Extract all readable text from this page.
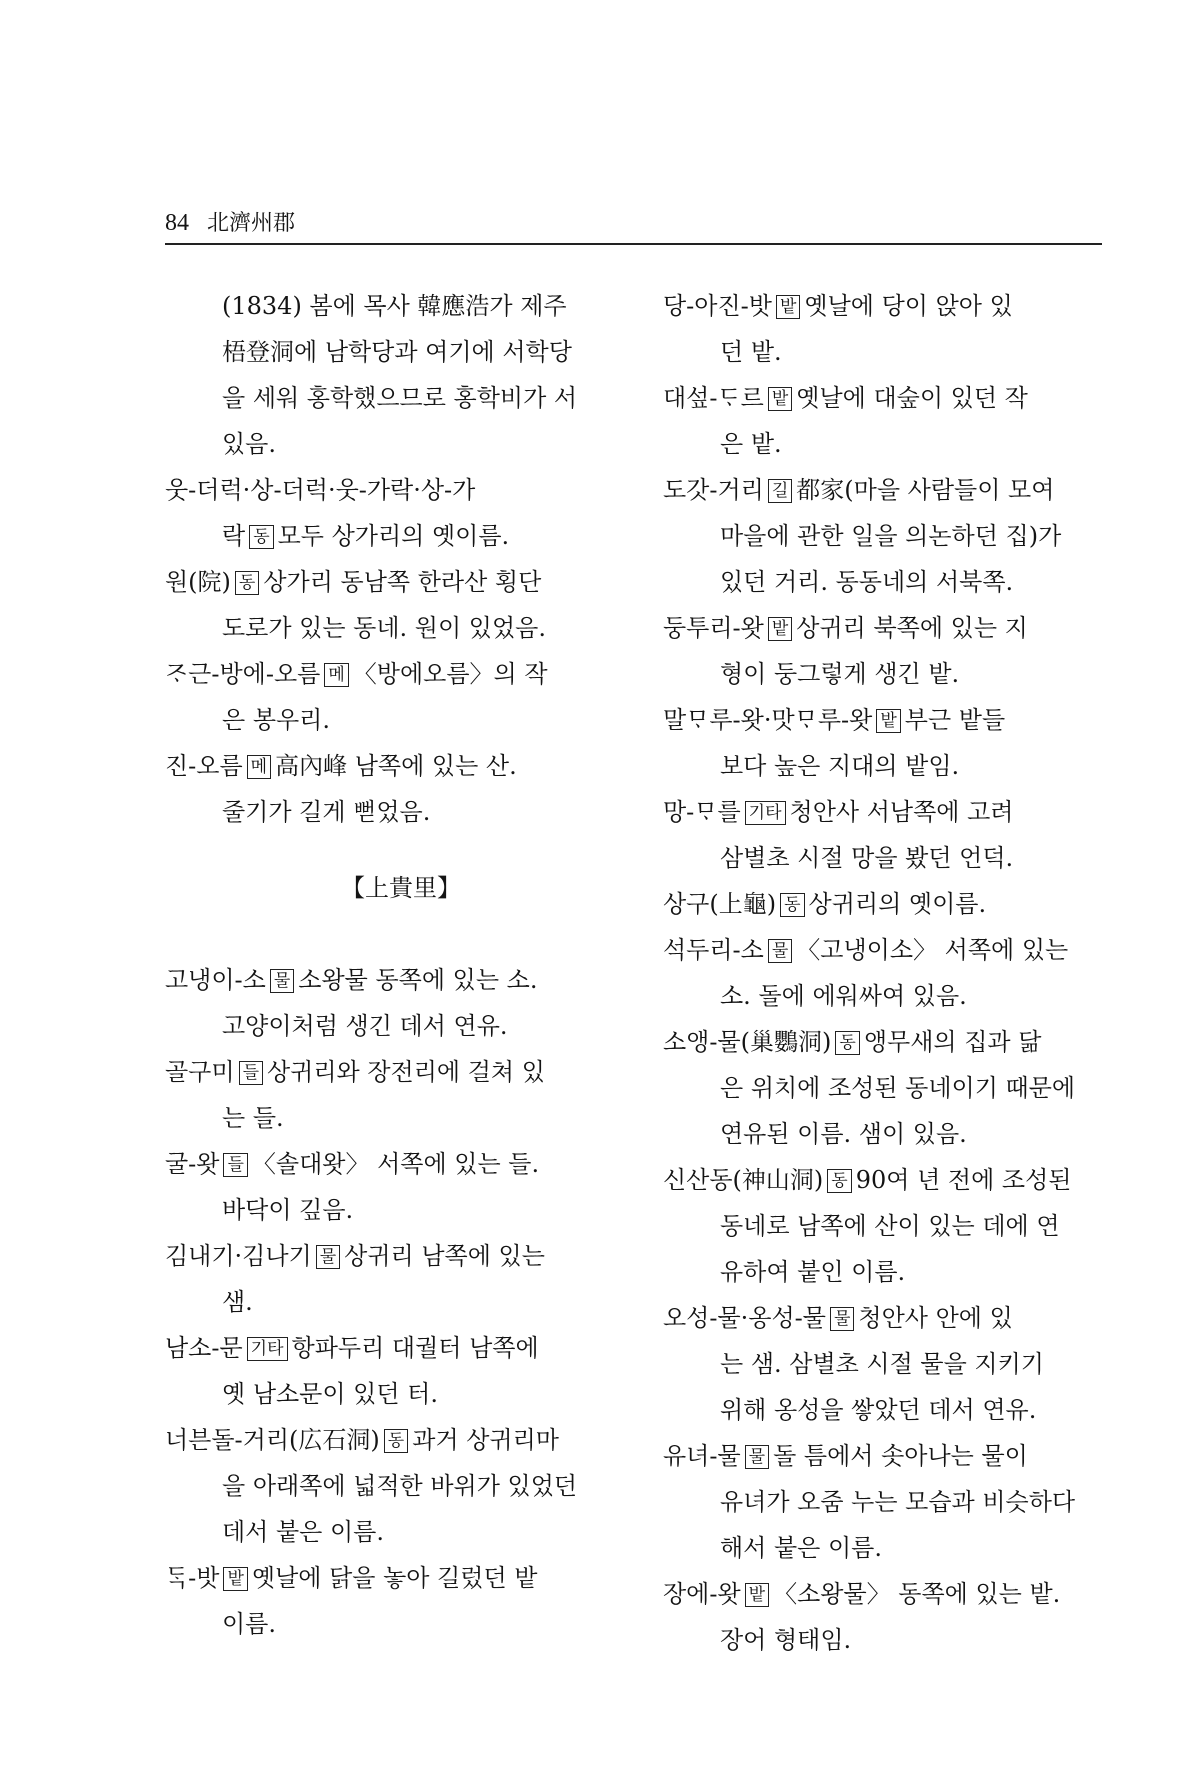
84 北濟州郡
(1834) 봄에 목사 韓應浩가 제주
梧登洞에 남학당과 여기에 서학당
을 세워 홍학했으므로 홍학비가 서
있음.
웃-더럭·상-더럭·웃-가락·상-가
락 동 모두 상가리의 옛이름.
원(院) 동 상가리 동남쪽 한라산 횡단
도로가 있는 동네. 원이 있었음.
ᄌᆞ근-방에-오름 메 〈방에오름〉의 작
은 봉우리.
진-오름 메 高內峰 남쪽에 있는 산.
줄기가 길게 뻗었음.
【上貴里】
고냉이-소 물 소왕물 동쪽에 있는 소.
고양이처럼 생긴 데서 연유.
골구미 들 상귀리와 장전리에 걸쳐 있
는 들.
굴-왓 들 〈솔대왓〉 서쪽에 있는 들.
바닥이 깊음.
김내기·김나기 물 상귀리 남쪽에 있는
샘.
남소-문 기타 항파두리 대궐터 남쪽에
옛 남소문이 있던 터.
너븐돌-거리(広石洞) 동 과거 상귀리마
을 아래쪽에 넓적한 바위가 있었던
데서 붙은 이름.
ᄃᆞᆨ-밧 밭 옛날에 닭을 놓아 길렀던 밭
이름.
당-아진-밧 밭 옛날에 당이 앉아 있
던 밭.
대섶-ᄃᆞ르 밭 옛날에 대숲이 있던 작
은 밭.
도갓-거리 길 都家(마을 사람들이 모여
마을에 관한 일을 의논하던 집)가
있던 거리. 동동네의 서북쪽.
둥투리-왓 밭 상귀리 북쪽에 있는 지
형이 둥그렇게 생긴 밭.
말ᄆᆞ루-왓·맛ᄆᆞ루-왓 밭 부근 밭들
보다 높은 지대의 밭임.
망-ᄆᆞ를 기타 청안사 서남쪽에 고려
삼별초 시절 망을 봤던 언덕.
상구(上龜) 동 상귀리의 옛이름.
석두리-소 물 〈고냉이소〉 서쪽에 있는
소. 돌에 에워싸여 있음.
소앵-물(巢鸚洞) 동 앵무새의 집과 닮
은 위치에 조성된 동네이기 때문에
연유된 이름. 샘이 있음.
신산동(神山洞) 동 90여 년 전에 조성된
동네로 남쪽에 산이 있는 데에 연
유하여 붙인 이름.
오성-물·옹성-물 물 청안사 안에 있
는 샘. 삼별초 시절 물을 지키기
위해 옹성을 쌓았던 데서 연유.
유녀-물 물 돌 틈에서 솟아나는 물이
유녀가 오줌 누는 모습과 비슷하다
해서 붙은 이름.
장에-왓 밭 〈소왕물〉 동쪽에 있는 밭.
장어 형태임.
